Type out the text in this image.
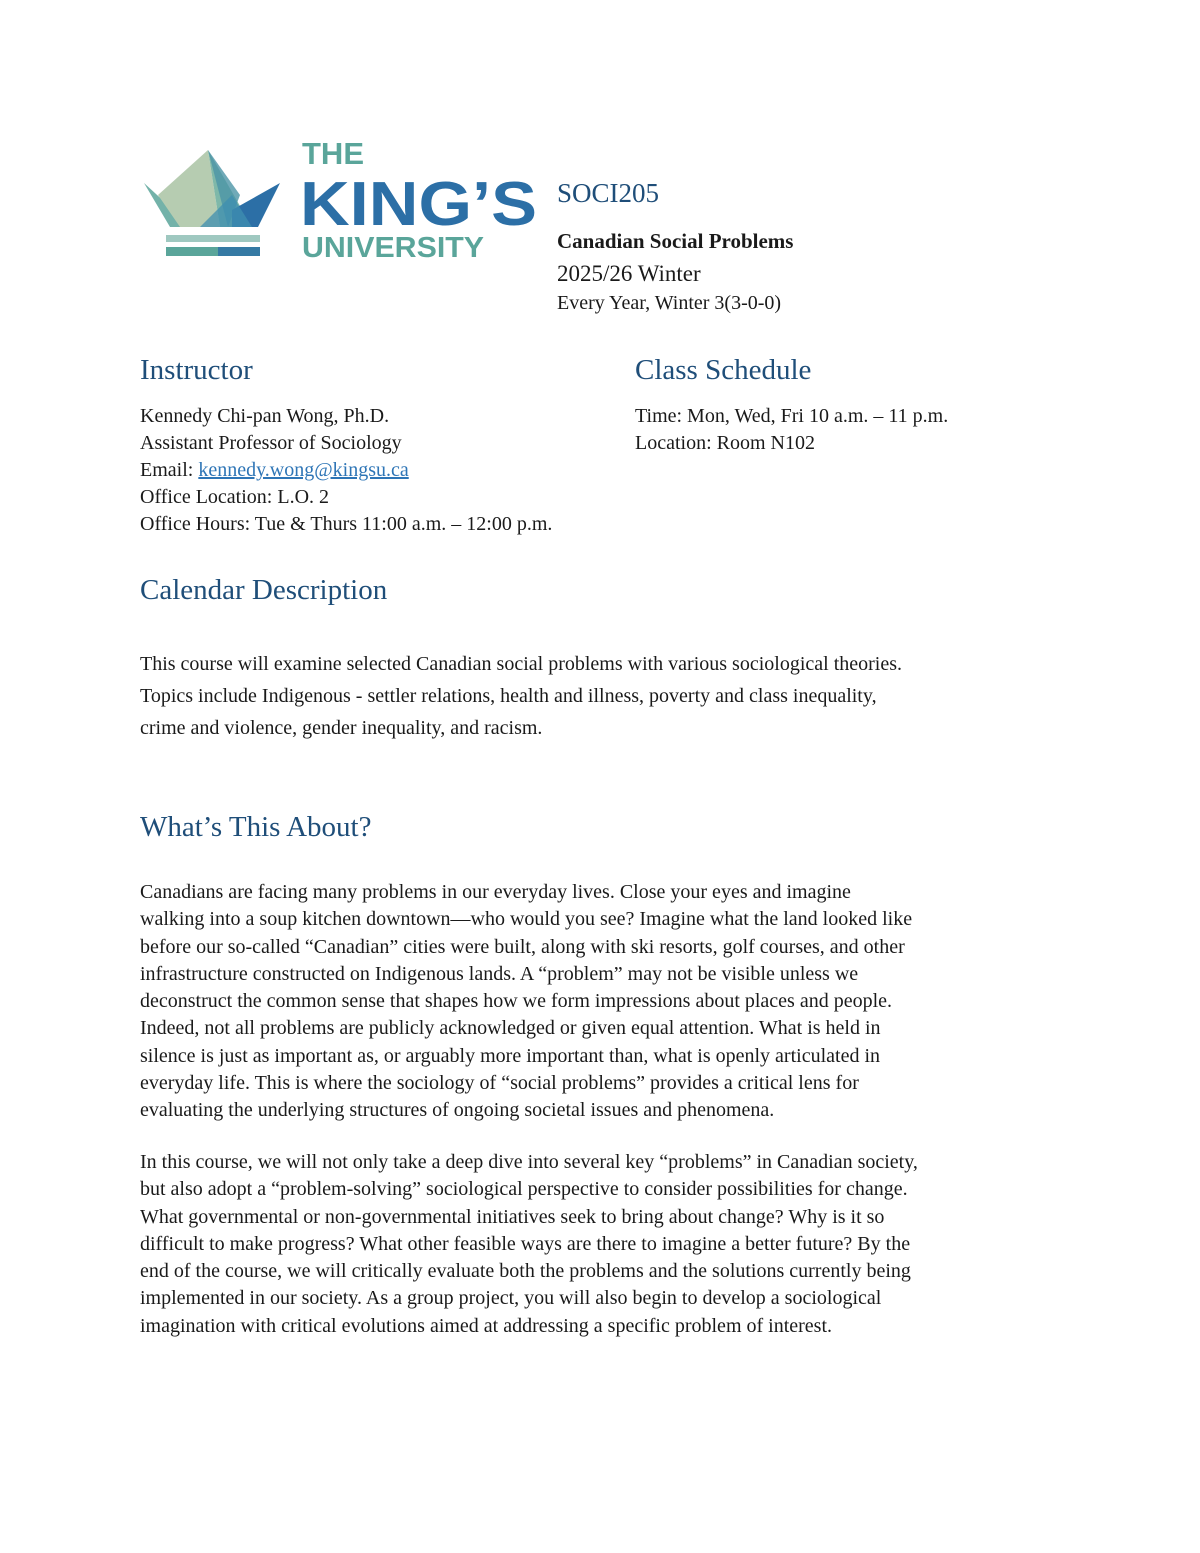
THE
KING’S
UNIVERSITY
SOCI205
Canadian Social Problems
2025/26 Winter
Every Year, Winter 3(3-0-0)
Instructor
Kennedy Chi-pan Wong, Ph.D.
Assistant Professor of Sociology
Email: kennedy.wong@kingsu.ca
Office Location: L.O. 2
Office Hours: Tue & Thurs 11:00 a.m. – 12:00 p.m.
Class Schedule
Time: Mon, Wed, Fri 10 a.m. – 11 p.m.
Location: Room N102
Calendar Description
This course will examine selected Canadian social problems with various sociological theories.
Topics include Indigenous - settler relations, health and illness, poverty and class inequality,
crime and violence, gender inequality, and racism.
What’s This About?
Canadians are facing many problems in our everyday lives. Close your eyes and imagine
walking into a soup kitchen downtown—who would you see? Imagine what the land looked like
before our so-called “Canadian” cities were built, along with ski resorts, golf courses, and other
infrastructure constructed on Indigenous lands. A “problem” may not be visible unless we
deconstruct the common sense that shapes how we form impressions about places and people.
Indeed, not all problems are publicly acknowledged or given equal attention. What is held in
silence is just as important as, or arguably more important than, what is openly articulated in
everyday life. This is where the sociology of “social problems” provides a critical lens for
evaluating the underlying structures of ongoing societal issues and phenomena.
In this course, we will not only take a deep dive into several key “problems” in Canadian society,
but also adopt a “problem-solving” sociological perspective to consider possibilities for change.
What governmental or non-governmental initiatives seek to bring about change? Why is it so
difficult to make progress? What other feasible ways are there to imagine a better future? By the
end of the course, we will critically evaluate both the problems and the solutions currently being
implemented in our society. As a group project, you will also begin to develop a sociological
imagination with critical evolutions aimed at addressing a specific problem of interest.
